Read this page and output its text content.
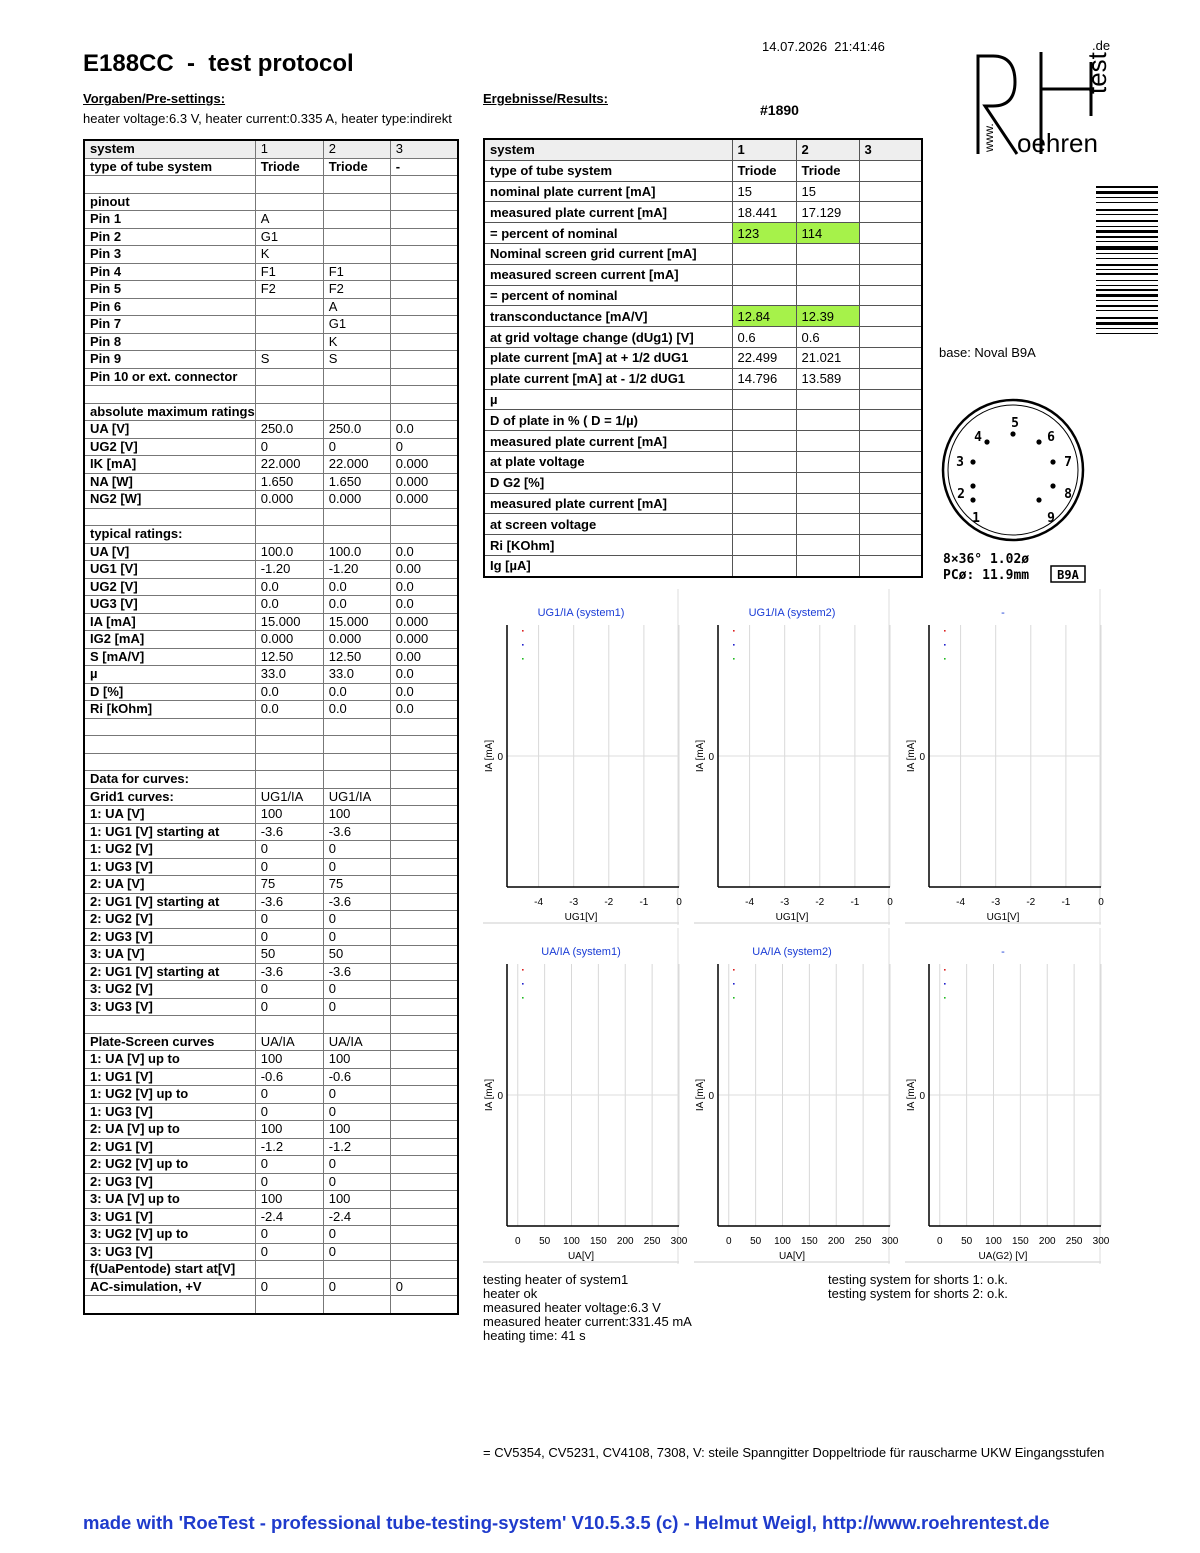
E188CC  -  test protocol
14.07.2026  21:41:46
Vorgaben/Pre-settings:	Ergebnisse/Results:
heater voltage:6.3 V, heater current:0.335 A, heater type:indirekt
#1890
.de
test
www. oehren
system	1	2	3
type of tube system	Triode	Triode	-

pinout			
Pin 1	A		
Pin 2	G1		
Pin 3	K		
Pin 4	F1	F1	
Pin 5	F2	F2	
Pin 6		A	
Pin 7		G1	
Pin 8		K	
Pin 9	S	S	
Pin 10 or ext. connector			

absolute maximum ratings			
UA [V]	250.0	250.0	0.0
UG2 [V]	0	0	0
IK [mA]	22.000	22.000	0.000
NA [W]	1.650	1.650	0.000
NG2 [W]	0.000	0.000	0.000

typical ratings:			
UA [V]	100.0	100.0	0.0
UG1 [V]	-1.20	-1.20	0.00
UG2 [V]	0.0	0.0	0.0
UG3 [V]	0.0	0.0	0.0
IA [mA]	15.000	15.000	0.000
IG2 [mA]	0.000	0.000	0.000
S [mA/V]	12.50	12.50	0.00
µ	33.0	33.0	0.0
D [%]	0.0	0.0	0.0
Ri [kOhm]	0.0	0.0	0.0

Data for curves:			
Grid1 curves:	UG1/IA	UG1/IA	
1: UA [V]	100	100	
1: UG1 [V] starting at	-3.6	-3.6	
1: UG2 [V]	0	0	
1: UG3 [V]	0	0	
2: UA [V]	75	75	
2: UG1 [V] starting at	-3.6	-3.6	
2: UG2 [V]	0	0	
2: UG3 [V]	0	0	
3: UA [V]	50	50	
2: UG1 [V] starting at	-3.6	-3.6	
3: UG2 [V]	0	0	
3: UG3 [V]	0	0	

Plate-Screen curves	UA/IA	UA/IA	
1: UA [V] up to	100	100	
1: UG1 [V]	-0.6	-0.6	
1: UG2 [V] up to	0	0	
1: UG3 [V]	0	0	
2: UA [V] up to	100	100	
2: UG1 [V]	-1.2	-1.2	
2: UG2 [V] up to	0	0	
2: UG3 [V]	0	0	
3: UA [V] up to	100	100	
3: UG1 [V]	-2.4	-2.4	
3: UG2 [V] up to	0	0	
3: UG3 [V]	0	0	
f(UaPentode) start at[V]			
AC-simulation, +V	0	0	0

system	1	2	3
type of tube system	Triode	Triode	
nominal plate current [mA]	15	15	
measured plate current [mA]	18.441	17.129	
= percent of nominal	123	114	
Nominal screen grid current [mA]			
measured screen current [mA]			
= percent of nominal			
transconductance [mA/V]	12.84	12.39	
at grid voltage change (dUg1) [V]	0.6	0.6	
plate current [mA] at + 1/2 dUG1	22.499	21.021	
plate current [mA] at - 1/2 dUG1	14.796	13.589	
µ			
D of plate in % ( D = 1/µ)			
measured plate current [mA]			
at plate voltage			
D G2 [%]			
measured plate current [mA]			
at screen voltage			
Ri [KOhm]			
Ig [µA]			
base: Noval B9A
1
2
3
4
5
6
7
8
9
8×36° 1.02ø
PCø: 11.9mm B9A
UG1/IA (system1)
-4	-3	-2	-1	0
0
UG1[V]
IA [mA]
UG1/IA (system2)
-4	-3	-2	-1	0
0
UG1[V]
IA [mA]
-
-4	-3	-2	-1	0
0
UG1[V]
IA [mA]
UA/IA (system1)
0 50 100 150 200 250 300
0
UA[V]
IA [mA]
UA/IA (system2)
0 50 100 150 200 250 300
0
UA[V]
IA [mA]
-
0 50 100 150 200 250 300
0
UA(G2) [V]
IA [mA]
testing heater of system1
heater ok
measured heater voltage:6.3 V
measured heater current:331.45 mA
heating time: 41 s
testing system for shorts 1: o.k.
testing system for shorts 2: o.k.
= CV5354, CV5231, CV4108, 7308, V: steile Spanngitter Doppeltriode für rauscharme UKW Eingangsstufen
made with 'RoeTest - professional tube-testing-system' V10.5.3.5 (c) - Helmut Weigl, http://www.roehrentest.de
